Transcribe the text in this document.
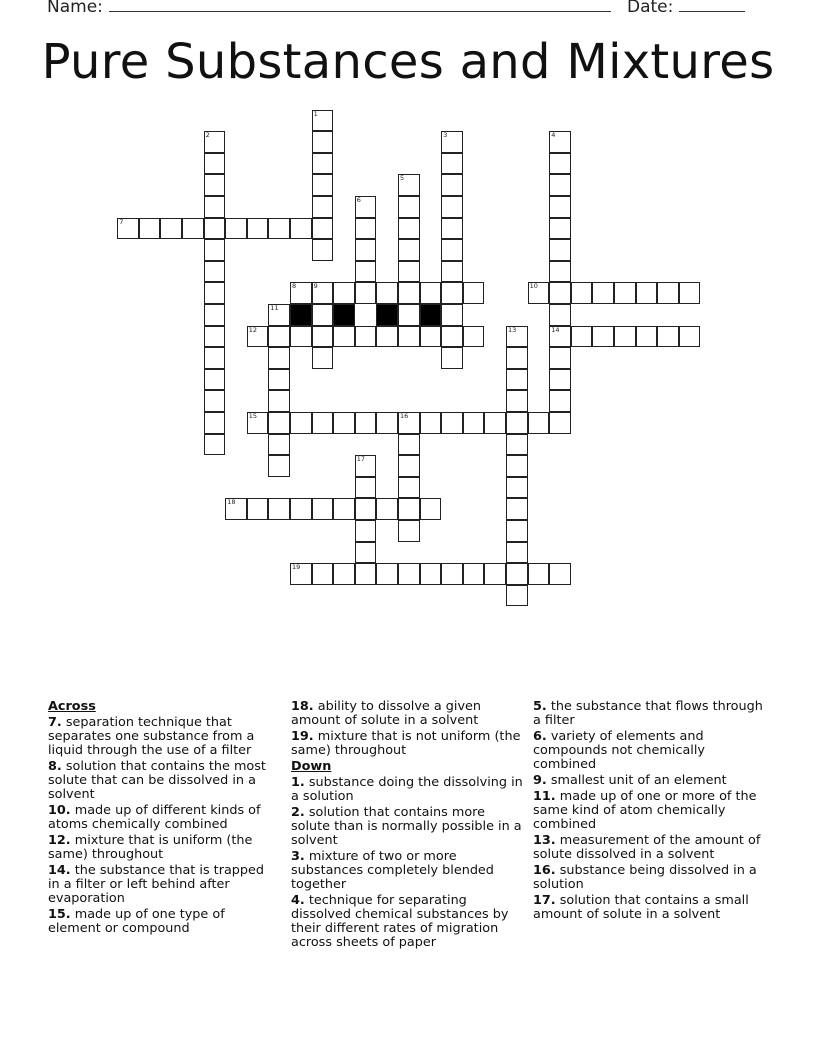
Name:	Date:
Pure Substances and Mixtures
1
2	3	4
14
5
6
7
8	9	10
11
12	13
15	16
17
18
19
Across
7. separation technique that separates one substance from a liquid through the use of a filter
8. solution that contains the most solute that can be dissolved in a solvent
10. made up of different kinds of atoms chemically combined
12. mixture that is uniform (the same) throughout
14. the substance that is trapped in a filter or left behind after evaporation
15. made up of one type of element or compound
18. ability to dissolve a given amount of solute in a solvent
19. mixture that is not uniform (the same) throughout
Down
1. substance doing the dissolving in a solution
2. solution that contains more solute than is normally possible in a solvent
3. mixture of two or more substances completely blended together
4. technique for separating dissolved chemical substances by their different rates of migration across sheets of paper
5. the substance that flows through a filter
6. variety of elements and compounds not chemically combined
9. smallest unit of an element
11. made up of one or more of the same kind of atom chemically combined
13. measurement of the amount of solute dissolved in a solvent
16. substance being dissolved in a solution
17. solution that contains a small amount of solute in a solvent
